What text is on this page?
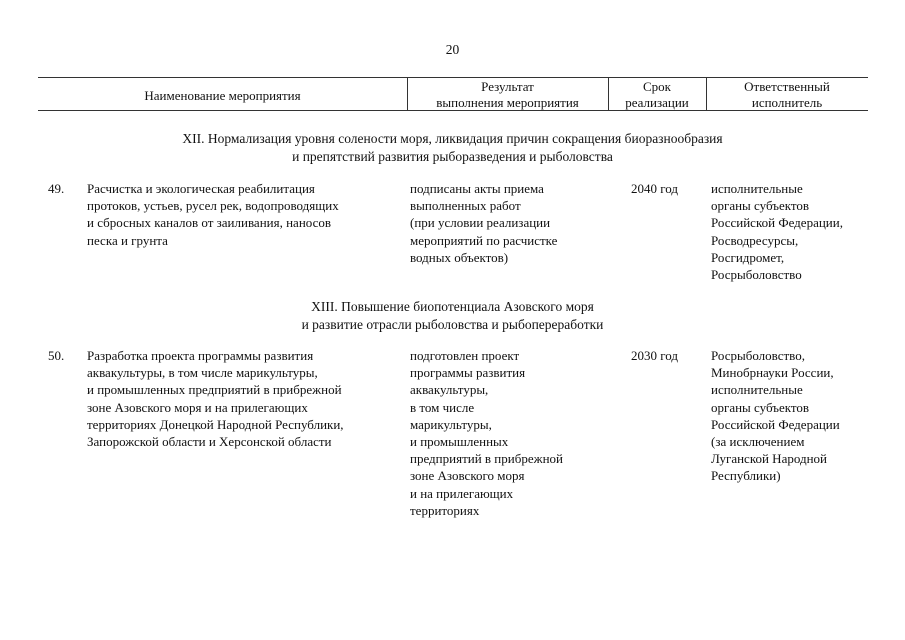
20
Наименование мероприятия
Результат
выполнения мероприятия
Срок
реализации
Ответственный
исполнитель
XII. Нормализация уровня солености моря, ликвидация причин сокращения биоразнообразия
и препятствий развития рыборазведения и рыболовства
49. Расчистка и экологическая реабилитация
протоков, устьев, русел рек, водопроводящих
и сбросных каналов от заиливания, наносов
песка и грунта
подписаны акты приема
выполненных работ
(при условии реализации
мероприятий по расчистке
водных объектов)
2040 год	исполнительные
органы субъектов
Российской Федерации,
Росводресурсы,
Росгидромет,
Росрыболовство
XIII. Повышение биопотенциала Азовского моря
и развитие отрасли рыболовства и рыбопереработки
50. Разработка проекта программы развития
аквакультуры, в том числе марикультуры,
и промышленных предприятий в прибрежной
зоне Азовского моря и на прилегающих
территориях Донецкой Народной Республики,
Запорожской области и Херсонской области
подготовлен проект
программы развития
аквакультуры,
в том числе
марикультуры,
и промышленных
предприятий в прибрежной
зоне Азовского моря
и на прилегающих
территориях
2030 год	Росрыболовство,
Минобрнауки России,
исполнительные
органы субъектов
Российской Федерации
(за исключением
Луганской Народной
Республики)
